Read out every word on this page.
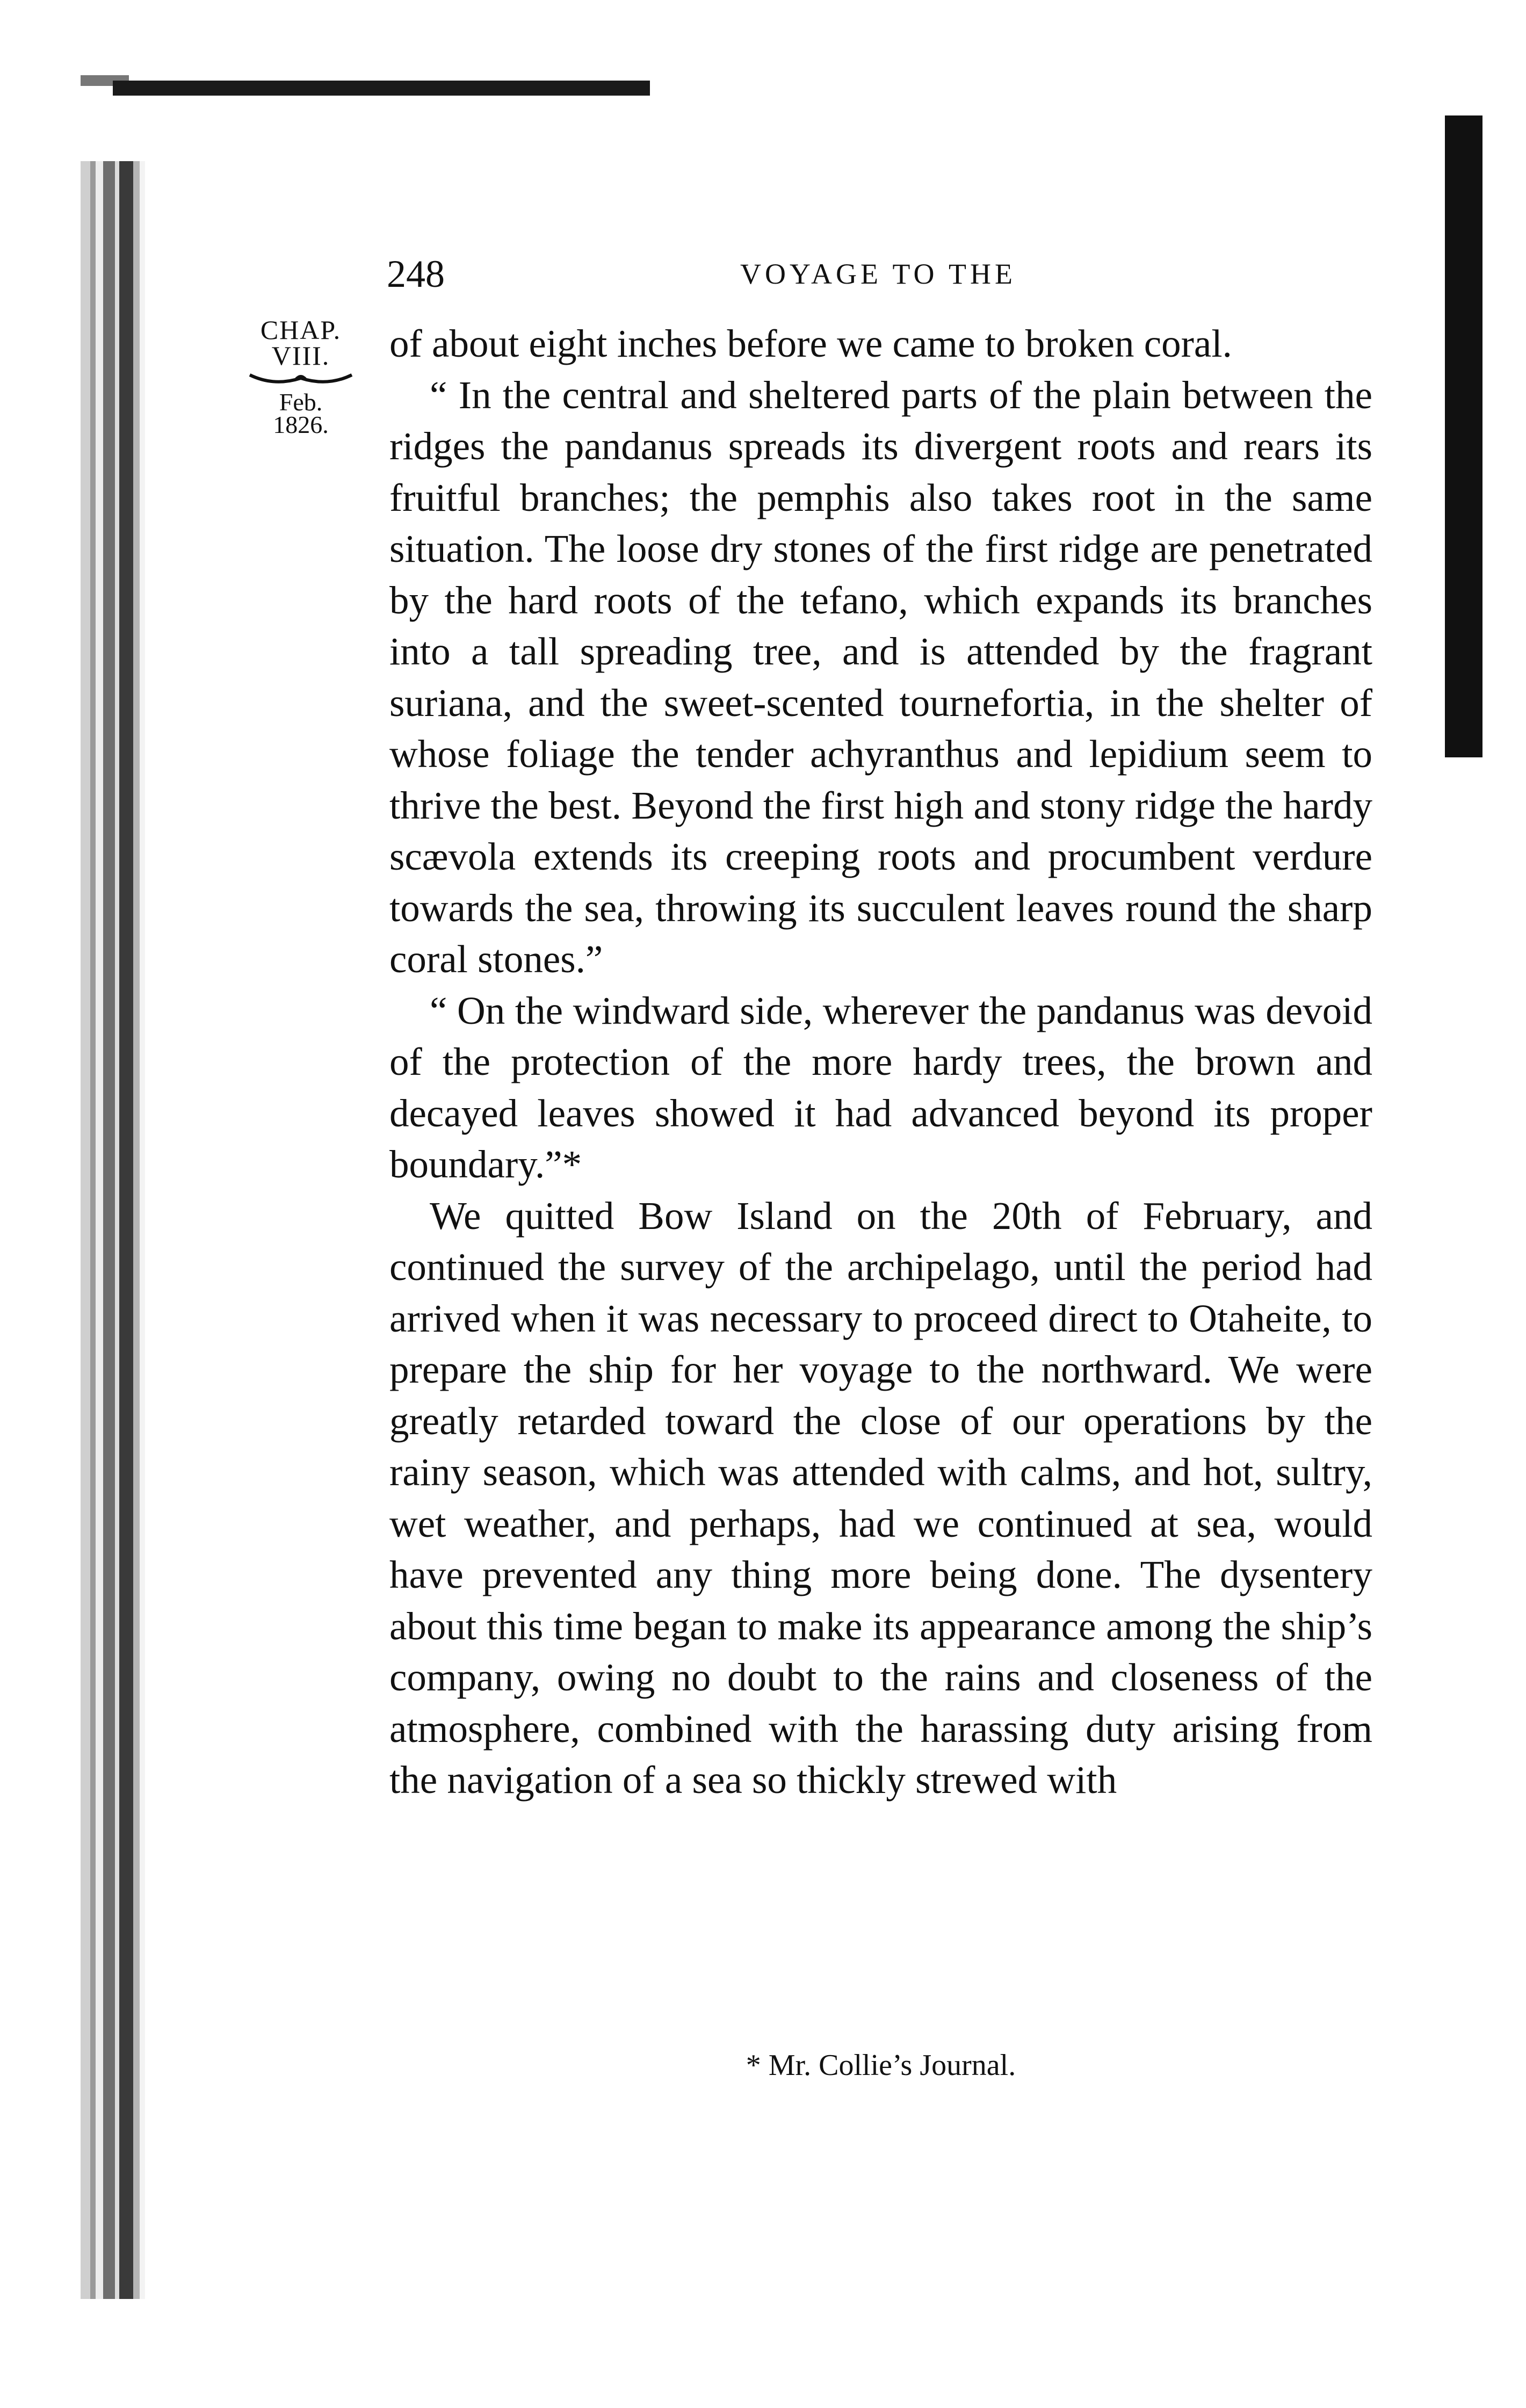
248	VOYAGE TO THE
CHAP.
VIII.
Feb.
1826.

of about eight inches before we came to broken coral.

“ In the central and sheltered parts of the plain between the ridges the pandanus spreads its divergent roots and rears its fruitful branches; the pemphis also takes root in the same situation. The loose dry stones of the first ridge are penetrated by the hard roots of the tefano, which expands its branches into a tall spreading tree, and is attended by the fragrant suriana, and the sweet-scented tournefortia, in the shelter of whose foliage the tender achyranthus and lepidium seem to thrive the best. Beyond the first high and stony ridge the hardy scævola extends its creeping roots and procumbent verdure towards the sea, throwing its succulent leaves round the sharp coral stones.”

“ On the windward side, wherever the pandanus was devoid of the protection of the more hardy trees, the brown and decayed leaves showed it had advanced beyond its proper boundary.”*

We quitted Bow Island on the 20th of February, and continued the survey of the archipelago, until the period had arrived when it was necessary to proceed direct to Otaheite, to prepare the ship for her voyage to the northward. We were greatly retarded toward the close of our operations by the rainy season, which was attended with calms, and hot, sultry, wet weather, and perhaps, had we continued at sea, would have prevented any thing more being done. The dysentery about this time began to make its appearance among the ship’s company, owing no doubt to the rains and closeness of the atmosphere, combined with the harassing duty arising from the navigation of a sea so thickly strewed with

* Mr. Collie’s Journal.
